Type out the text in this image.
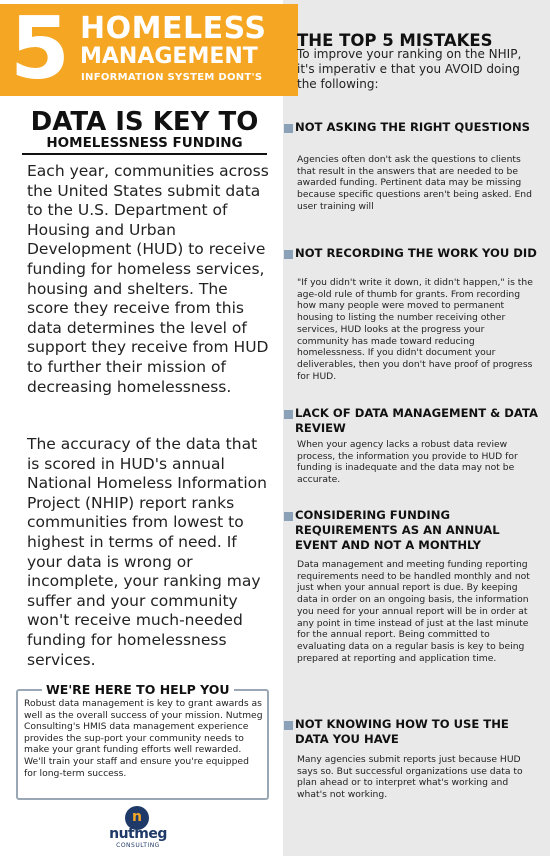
5 HOMELESS
MANAGEMENT
INFORMATION SYSTEM DONT'S
DATA IS KEY TO
HOMELESSNESS FUNDING
Each year, communities across the United States submit data to the U.S. Department of Housing and Urban Development (HUD) to receive funding for homeless services, housing and shelters. The score they receive from this data determines the level of support they receive from HUD to further their mission of decreasing homelessness.
The accuracy of the data that is scored in HUD's annual National Homeless Information Project (NHIP) report ranks communities from lowest to highest in terms of need. If your data is wrong or incomplete, your ranking may suffer and your community won't receive much-needed funding for homelessness services.
WE'RE HERE TO HELP YOU
Robust data management is key to grant awards as well as the overall success of your mission. Nutmeg Consulting's HMIS data management experience provides the sup-port your community needs to make your grant funding efforts well rewarded. We'll train your staff and ensure you're equipped for long-term success.
n
nutmeg
CONSULTING
THE TOP 5 MISTAKES
To improve your ranking on the NHIP, it's imperativ e that you AVOID doing the following:
NOT ASKING THE RIGHT QUESTIONS
Agencies often don't ask the questions to clients that result in the answers that are needed to be awarded funding. Pertinent data may be missing because specific questions aren't being asked. End user training will
NOT RECORDING THE WORK YOU DID
"If you didn't write it down, it didn't happen," is the age-old rule of thumb for grants. From recording how many people were moved to permanent housing to listing the number receiving other services, HUD looks at the progress your community has made toward reducing homelessness. If you didn't document your deliverables, then you don't have proof of progress for HUD.
LACK OF DATA MANAGEMENT & DATA REVIEW
When your agency lacks a robust data review process, the information you provide to HUD for funding is inadequate and the data may not be accurate.
CONSIDERING FUNDING REQUIREMENTS AS AN ANNUAL EVENT AND NOT A MONTHLY
Data management and meeting funding reporting requirements need to be handled monthly and not just when your annual report is due. By keeping data in order on an ongoing basis, the information you need for your annual report will be in order at any point in time instead of just at the last minute for the annual report. Being committed to evaluating data on a regular basis is key to being prepared at reporting and application time.
NOT KNOWING HOW TO USE THE DATA YOU HAVE
Many agencies submit reports just because HUD says so. But successful organizations use data to plan ahead or to interpret what's working and what's not working.
